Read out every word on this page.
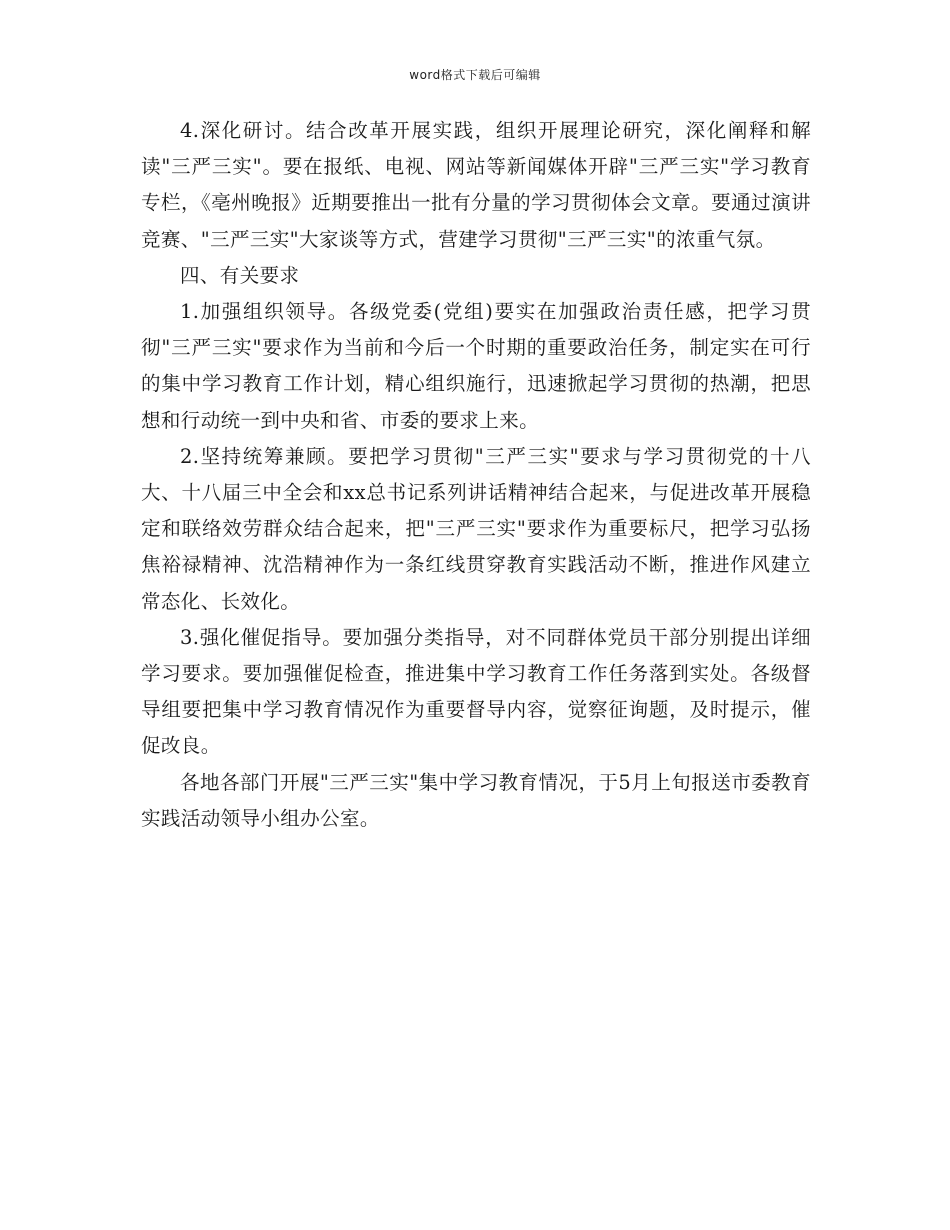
word格式下载后可编辑

4.深化研讨。结合改革开展实践，组织开展理论研究，深化阐释和解读"三严三实"。要在报纸、电视、网站等新闻媒体开辟"三严三实"学习教育专栏，《亳州晚报》近期要推出一批有分量的学习贯彻体会文章。要通过演讲竞赛、"三严三实"大家谈等方式，营建学习贯彻"三严三实"的浓重气氛。

四、有关要求

1.加强组织领导。各级党委(党组)要实在加强政治责任感，把学习贯彻"三严三实"要求作为当前和今后一个时期的重要政治任务，制定实在可行的集中学习教育工作计划，精心组织施行，迅速掀起学习贯彻的热潮，把思想和行动统一到中央和省、市委的要求上来。

2.坚持统筹兼顾。要把学习贯彻"三严三实"要求与学习贯彻党的十八大、十八届三中全会和xx总书记系列讲话精神结合起来，与促进改革开展稳定和联络效劳群众结合起来，把"三严三实"要求作为重要标尺，把学习弘扬焦裕禄精神、沈浩精神作为一条红线贯穿教育实践活动不断，推进作风建立常态化、长效化。

3.强化催促指导。要加强分类指导，对不同群体党员干部分别提出详细学习要求。要加强催促检查，推进集中学习教育工作任务落到实处。各级督导组要把集中学习教育情况作为重要督导内容，觉察征询题，及时提示，催促改良。

各地各部门开展"三严三实"集中学习教育情况，于5月上旬报送市委教育实践活动领导小组办公室。
